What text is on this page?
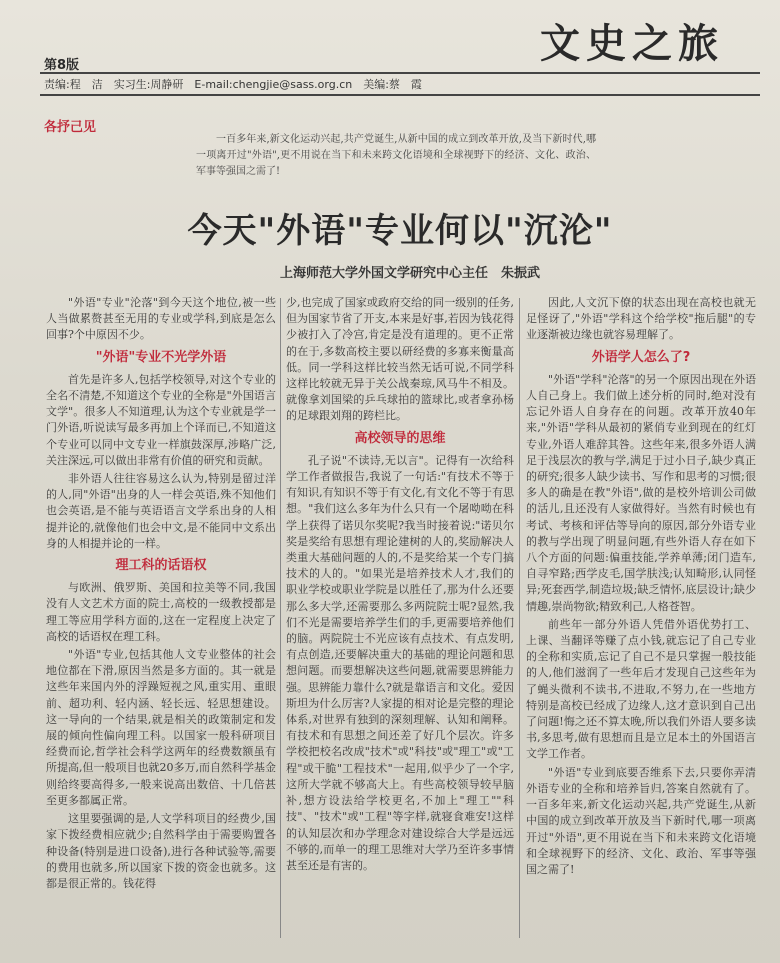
文史之旅
第8版
责编:程　洁　实习生:周静研　E-mail:chengjie@sass.org.cn　美编:蔡　霞
各抒己见
一百多年来,新文化运动兴起,共产党诞生,从新中国的成立到改革开放,及当下新时代,哪一项离开过"外语",更不用说在当下和未来跨文化语境和全球视野下的经济、文化、政治、军事等强国之需了!
今天"外语"专业何以"沉沦"
上海师范大学外国文学研究中心主任　朱振武

"外语"专业"沦落"到今天这个地位,被一些人当做累赘甚至无用的专业或学科,到底是怎么回事?个中原因不少。

"外语"专业不光学外语

首先是许多人,包括学校领导,对这个专业的全名不清楚,不知道这个专业的全称是"外国语言文学"。很多人不知道理,认为这个专业就是学一门外语,听说读写最多再加上个译而已,不知道这个专业可以同中文专业一样旗鼓深厚,涉略广泛,关注深远,可以做出非常有价值的研究和贡献。

非外语人往往容易这么认为,特别是留过洋的人,同"外语"出身的人一样会英语,殊不知他们也会英语,是不能与英语语言文学系出身的人相提并论的,就像他们也会中文,是不能同中文系出身的人相提并论的一样。

理工科的话语权

与欧洲、俄罗斯、美国和拉美等不同,我国没有人文艺术方面的院士,高校的一级教授都是理工等应用学科方面的,这在一定程度上决定了高校的话语权在理工科。

"外语"专业,包括其他人文专业整体的社会地位都在下滑,原因当然是多方面的。其一就是这些年来国内外的浮躁短视之风,重实用、重眼前、超功利、轻内涵、轻长远、轻思想建设。这一导向的一个结果,就是相关的政策制定和发展的倾向性偏向理工科。以国家一般科研项目经费而论,哲学社会科学这两年的经费数额虽有所提高,但一般项目也就20多万,而自然科学基金则给终要高得多,一般来说高出数倍、十几倍甚至更多都属正常。

这里要强调的是,人文学科项目的经费少,国家下拨经费相应就少;自然科学由于需要购置各种设备(特别是进口设备),进行各种试验等,需要的费用也就多,所以国家下拨的资金也就多。这都是很正常的。钱花得

少,也完成了国家或政府交给的同一级别的任务,但为国家节省了开支,本来是好事,若因为钱花得少被打入了冷宫,肯定是没有道理的。更不正常的在于,多数高校主要以研经费的多寡来衡量高低。同一学科这样比较当然无话可说,不同学科这样比较就无异于关公战秦琼,风马牛不相及。就像拿刘国梁的乒乓球拍的篮球比,或者拿孙杨的足球跟刘翔的跨栏比。

高校领导的思维

孔子说"不读诗,无以言"。记得有一次给科学工作者做报告,我说了一句话:"有技术不等于有知识,有知识不等于有文化,有文化不等于有思想。"我们这么多年为什么只有一个屠呦呦在科学上获得了诺贝尔奖呢?我当时接着说:"诺贝尔奖是奖给有思想有理论建树的人的,奖励解决人类重大基础问题的人的,不是奖给某一个专门搞技术的人的。"如果光是培养技术人才,我们的职业学校或职业学院是以胜任了,那为什么还要那么多大学,还需要那么多两院院士呢?显然,我们不光是需要培养学生们的手,更需要培养他们的脑。两院院士不光应该有点技术、有点发明,有点创造,还要解决重大的基础的理论问题和思想问题。而要想解决这些问题,就需要思辨能力强。思辨能力靠什么?就是靠语言和文化。爱因斯坦为什么厉害?人家提的相对论是完整的理论体系,对世界有独到的深刻理解、认知和阐释。有技术和有思想之间还差了好几个层次。许多学校把校名改成"技术"或"科技"或"理工"或"工程"或干脆"工程技术"一起用,似乎少了一个字,这所大学就不够高大上。有些高校领导较早脑补,想方设法给学校更名,不加上"理工""科技"、"技术"或"工程"等字样,就寝食难安!这样的认知层次和办学理念对建设综合大学是远远不够的,而单一的理工思维对大学乃至许多事情甚至还是有害的。

因此,人文沉下僚的状态出现在高校也就无足怪讶了,"外语"学科这个给学校"拖后腿"的专业逐渐被边缘也就容易理解了。

外语学人怎么了?

"外语"学科"沦落"的另一个原因出现在外语人自己身上。我们做上述分析的同时,绝对没有忘记外语人自身存在的问题。改革开放40年来,"外语"学科从最初的紧俏专业到现在的红灯专业,外语人难辞其咎。这些年来,很多外语人满足于浅层次的教与学,满足于过小日子,缺少真正的研究;很多人缺少读书、写作和思考的习惯;很多人的确是在教"外语",做的是校外培训公司做的活儿,且还没有人家做得好。当然有时候也有考试、考核和评估等导向的原因,部分外语专业的教与学出现了明显问题,有些外语人存在如下八个方面的问题:偏重技能,学养单薄;闭门造车,自寻窄路;西学皮毛,国学肤浅;认知畸形,认同怪异;死套西学,制造垃圾;缺乏情怀,底层设计;缺少情趣,崇尚物欲;精致利己,人格苍智。

前些年一部分外语人凭借外语优势打工、上课、当翻译等赚了点小钱,就忘记了自己专业的全称和实质,忘记了自己不是只掌握一般技能的人,他们滋润了一些年后才发现自己这些年为了蝇头微利不读书,不进取,不努力,在一些地方特别是高校已经成了边缘人,这才意识到自己出了问题!悔之还不算太晚,所以我们外语人要多读书,多思考,做有思想而且是立足本土的外国语言文学工作者。

"外语"专业到底要否维系下去,只要你弄清外语专业的全称和培养旨归,答案自然就有了。一百多年来,新文化运动兴起,共产党诞生,从新中国的成立到改革开放及当下新时代,哪一项离开过"外语",更不用说在当下和未来跨文化语境和全球视野下的经济、文化、政治、军事等强国之需了!
